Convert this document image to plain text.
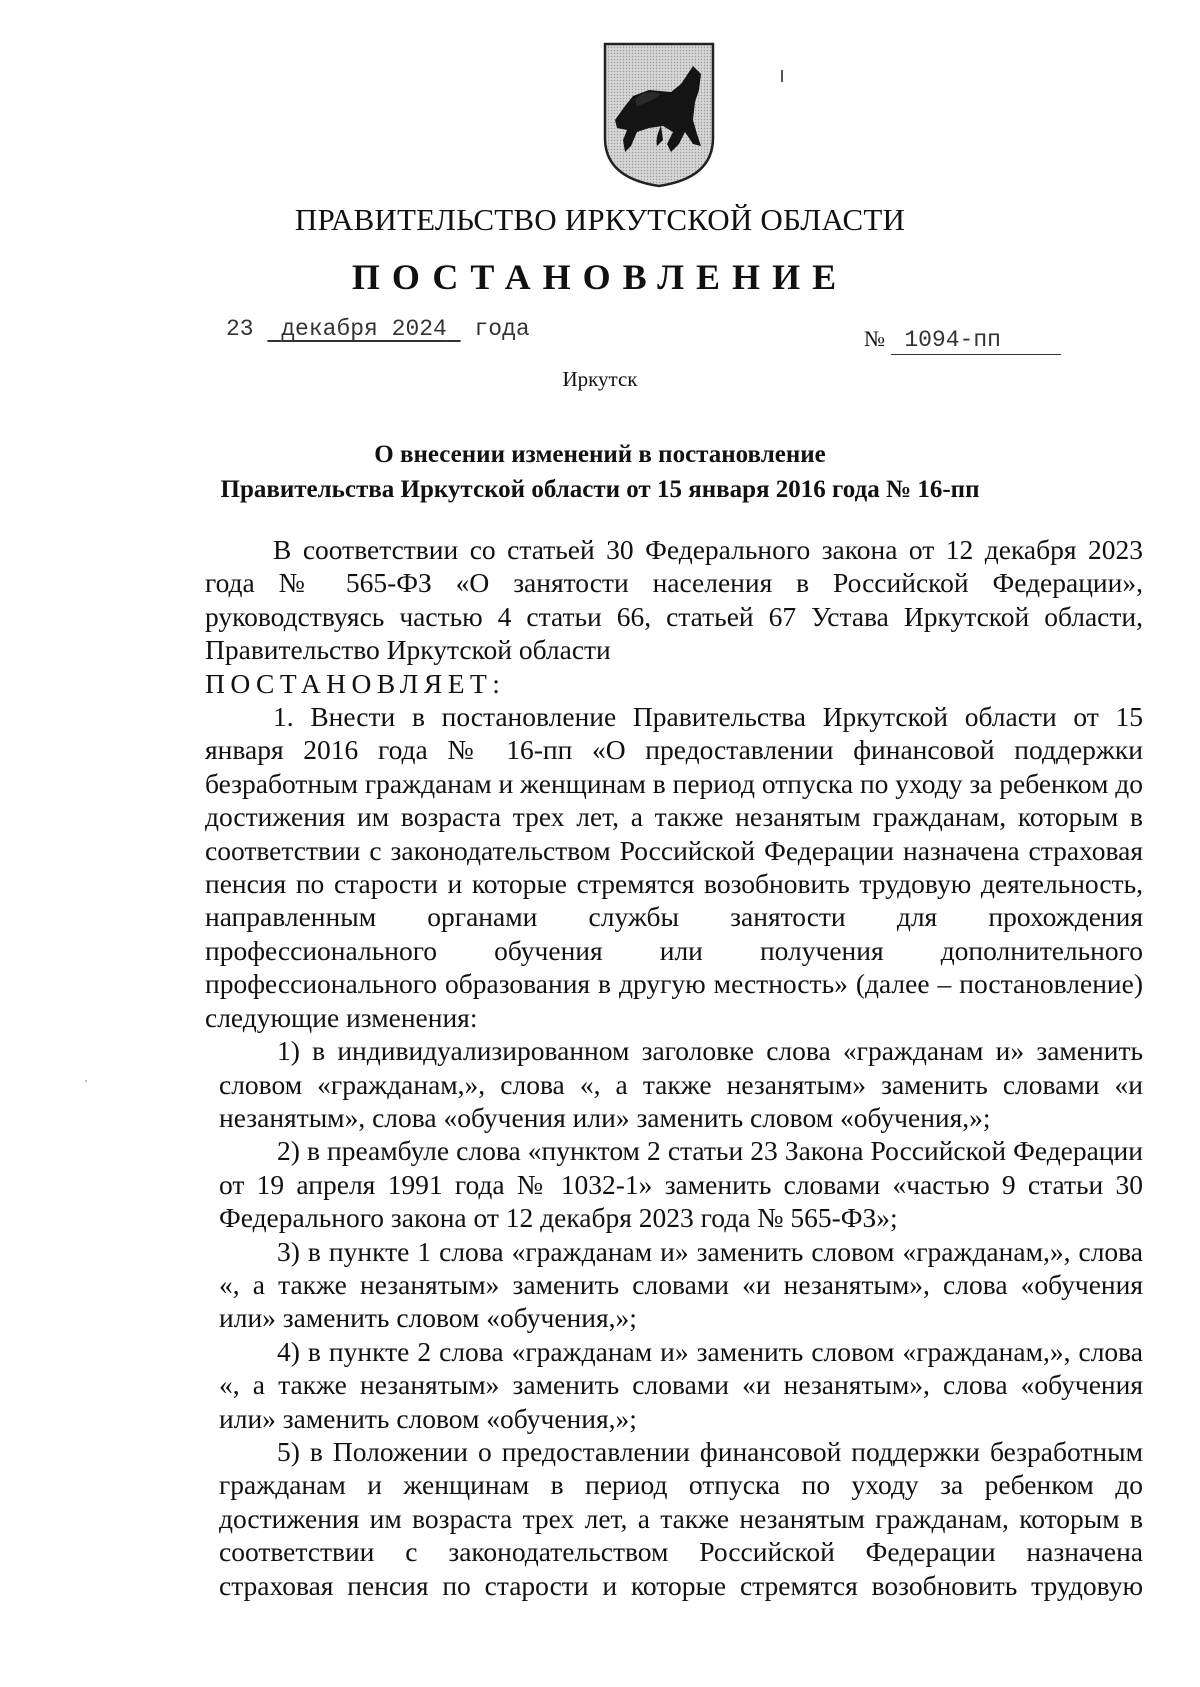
ПРАВИТЕЛЬСТВО ИРКУТСКОЙ ОБЛАСТИ
ПОСТАНОВЛЕНИЕ
23 декабря 2024 года	№ 1094-пп
Иркутск
О внесении изменений в постановление
Правительства Иркутской области от 15 января 2016 года № 16-пп

В соответствии со статьей 30 Федерального закона от 12 декабря 2023 года № 565-ФЗ «О занятости населения в Российской Федерации», руководствуясь частью 4 статьи 66, статьей 67 Устава Иркутской области, Правительство Иркутской области

ПОСТАНОВЛЯЕТ:

1. Внести в постановление Правительства Иркутской области от 15 января 2016 года № 16-пп «О предоставлении финансовой поддержки безработным гражданам и женщинам в период отпуска по уходу за ребенком до достижения им возраста трех лет, а также незанятым гражданам, которым в соответствии с законодательством Российской Федерации назначена страховая пенсия по старости и которые стремятся возобновить трудовую деятельность, направленным органами службы занятости для прохождения профессионального обучения или получения дополнительного профессионального образования в другую местность» (далее – постановление) следующие изменения:

1) в индивидуализированном заголовке слова «гражданам и» заменить словом «гражданам,», слова «, а также незанятым» заменить словами «и незанятым», слова «обучения или» заменить словом «обучения,»;

2) в преамбуле слова «пунктом 2 статьи 23 Закона Российской Федерации от 19 апреля 1991 года № 1032-1» заменить словами «частью 9 статьи 30 Федерального закона от 12 декабря 2023 года № 565-ФЗ»;

3) в пункте 1 слова «гражданам и» заменить словом «гражданам,», слова «, а также незанятым» заменить словами «и незанятым», слова «обучения или» заменить словом «обучения,»;

4) в пункте 2 слова «гражданам и» заменить словом «гражданам,», слова «, а также незанятым» заменить словами «и незанятым», слова «обучения или» заменить словом «обучения,»;

5) в Положении о предоставлении финансовой поддержки безработным гражданам и женщинам в период отпуска по уходу за ребенком до достижения им возраста трех лет, а также незанятым гражданам, которым в соответствии с законодательством Российской Федерации назначена страховая пенсия по старости и которые стремятся возобновить трудовую
